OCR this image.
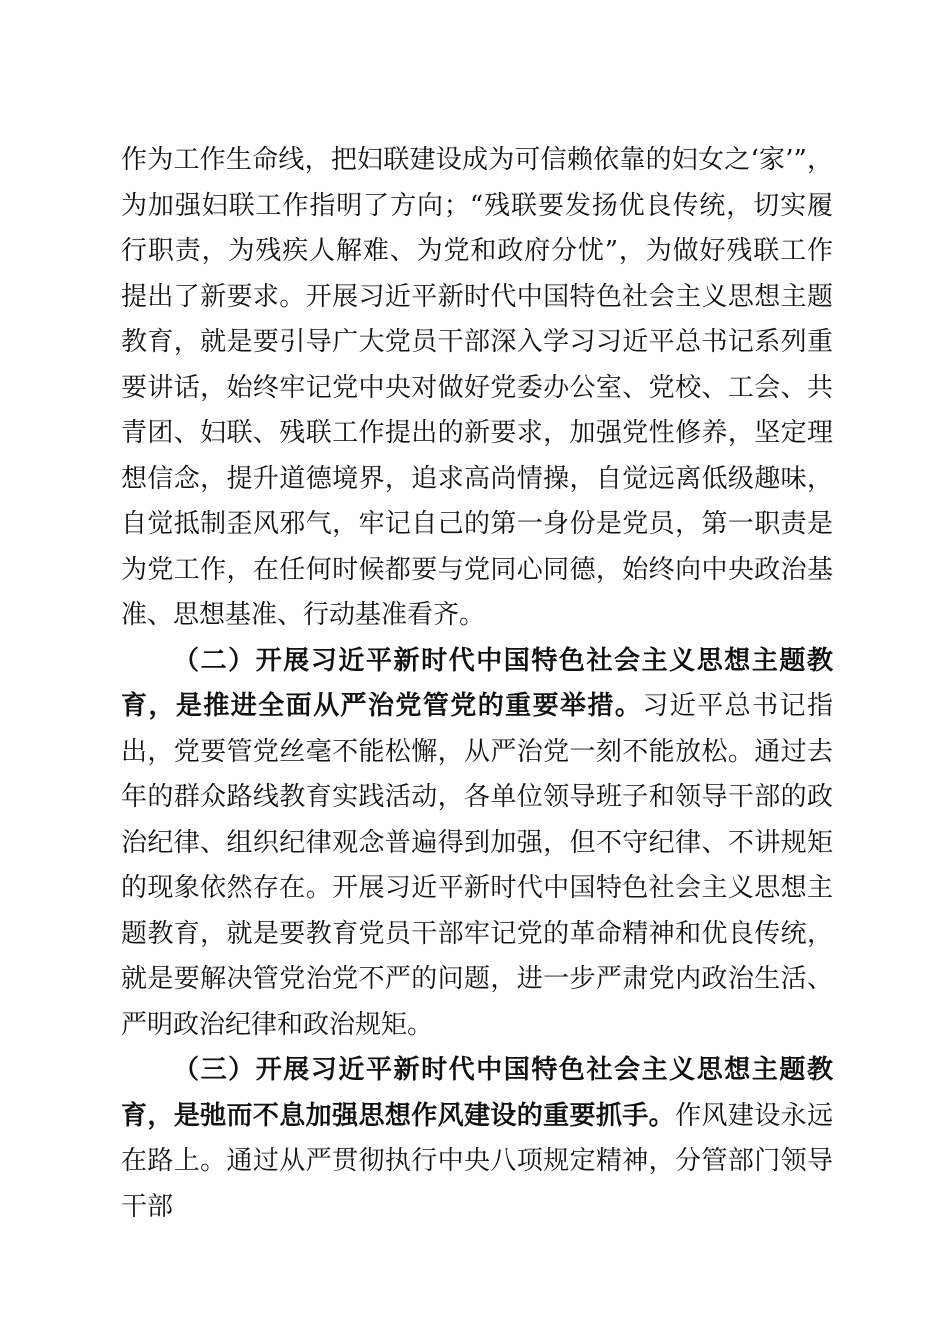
作为工作生命线，把妇联建设成为可信赖依靠的妇女之‘家’”，为加强妇联工作指明了方向；“残联要发扬优良传统，切实履行职责，为残疾人解难、为党和政府分忧”，为做好残联工作提出了新要求。开展习近平新时代中国特色社会主义思想主题教育，就是要引导广大党员干部深入学习习近平总书记系列重要讲话，始终牢记党中央对做好党委办公室、党校、工会、共青团、妇联、残联工作提出的新要求，加强党性修养，坚定理想信念，提升道德境界，追求高尚情操，自觉远离低级趣味，自觉抵制歪风邪气，牢记自己的第一身份是党员，第一职责是为党工作，在任何时候都要与党同心同德，始终向中央政治基准、思想基准、行动基准看齐。

（二）开展习近平新时代中国特色社会主义思想主题教育，是推进全面从严治党管党的重要举措。习近平总书记指出，党要管党丝毫不能松懈，从严治党一刻不能放松。通过去年的群众路线教育实践活动，各单位领导班子和领导干部的政治纪律、组织纪律观念普遍得到加强，但不守纪律、不讲规矩的现象依然存在。开展习近平新时代中国特色社会主义思想主题教育，就是要教育党员干部牢记党的革命精神和优良传统，就是要解决管党治党不严的问题，进一步严肃党内政治生活、严明政治纪律和政治规矩。

（三）开展习近平新时代中国特色社会主义思想主题教育，是弛而不息加强思想作风建设的重要抓手。作风建设永远在路上。通过从严贯彻执行中央八项规定精神，分管部门领导干部
